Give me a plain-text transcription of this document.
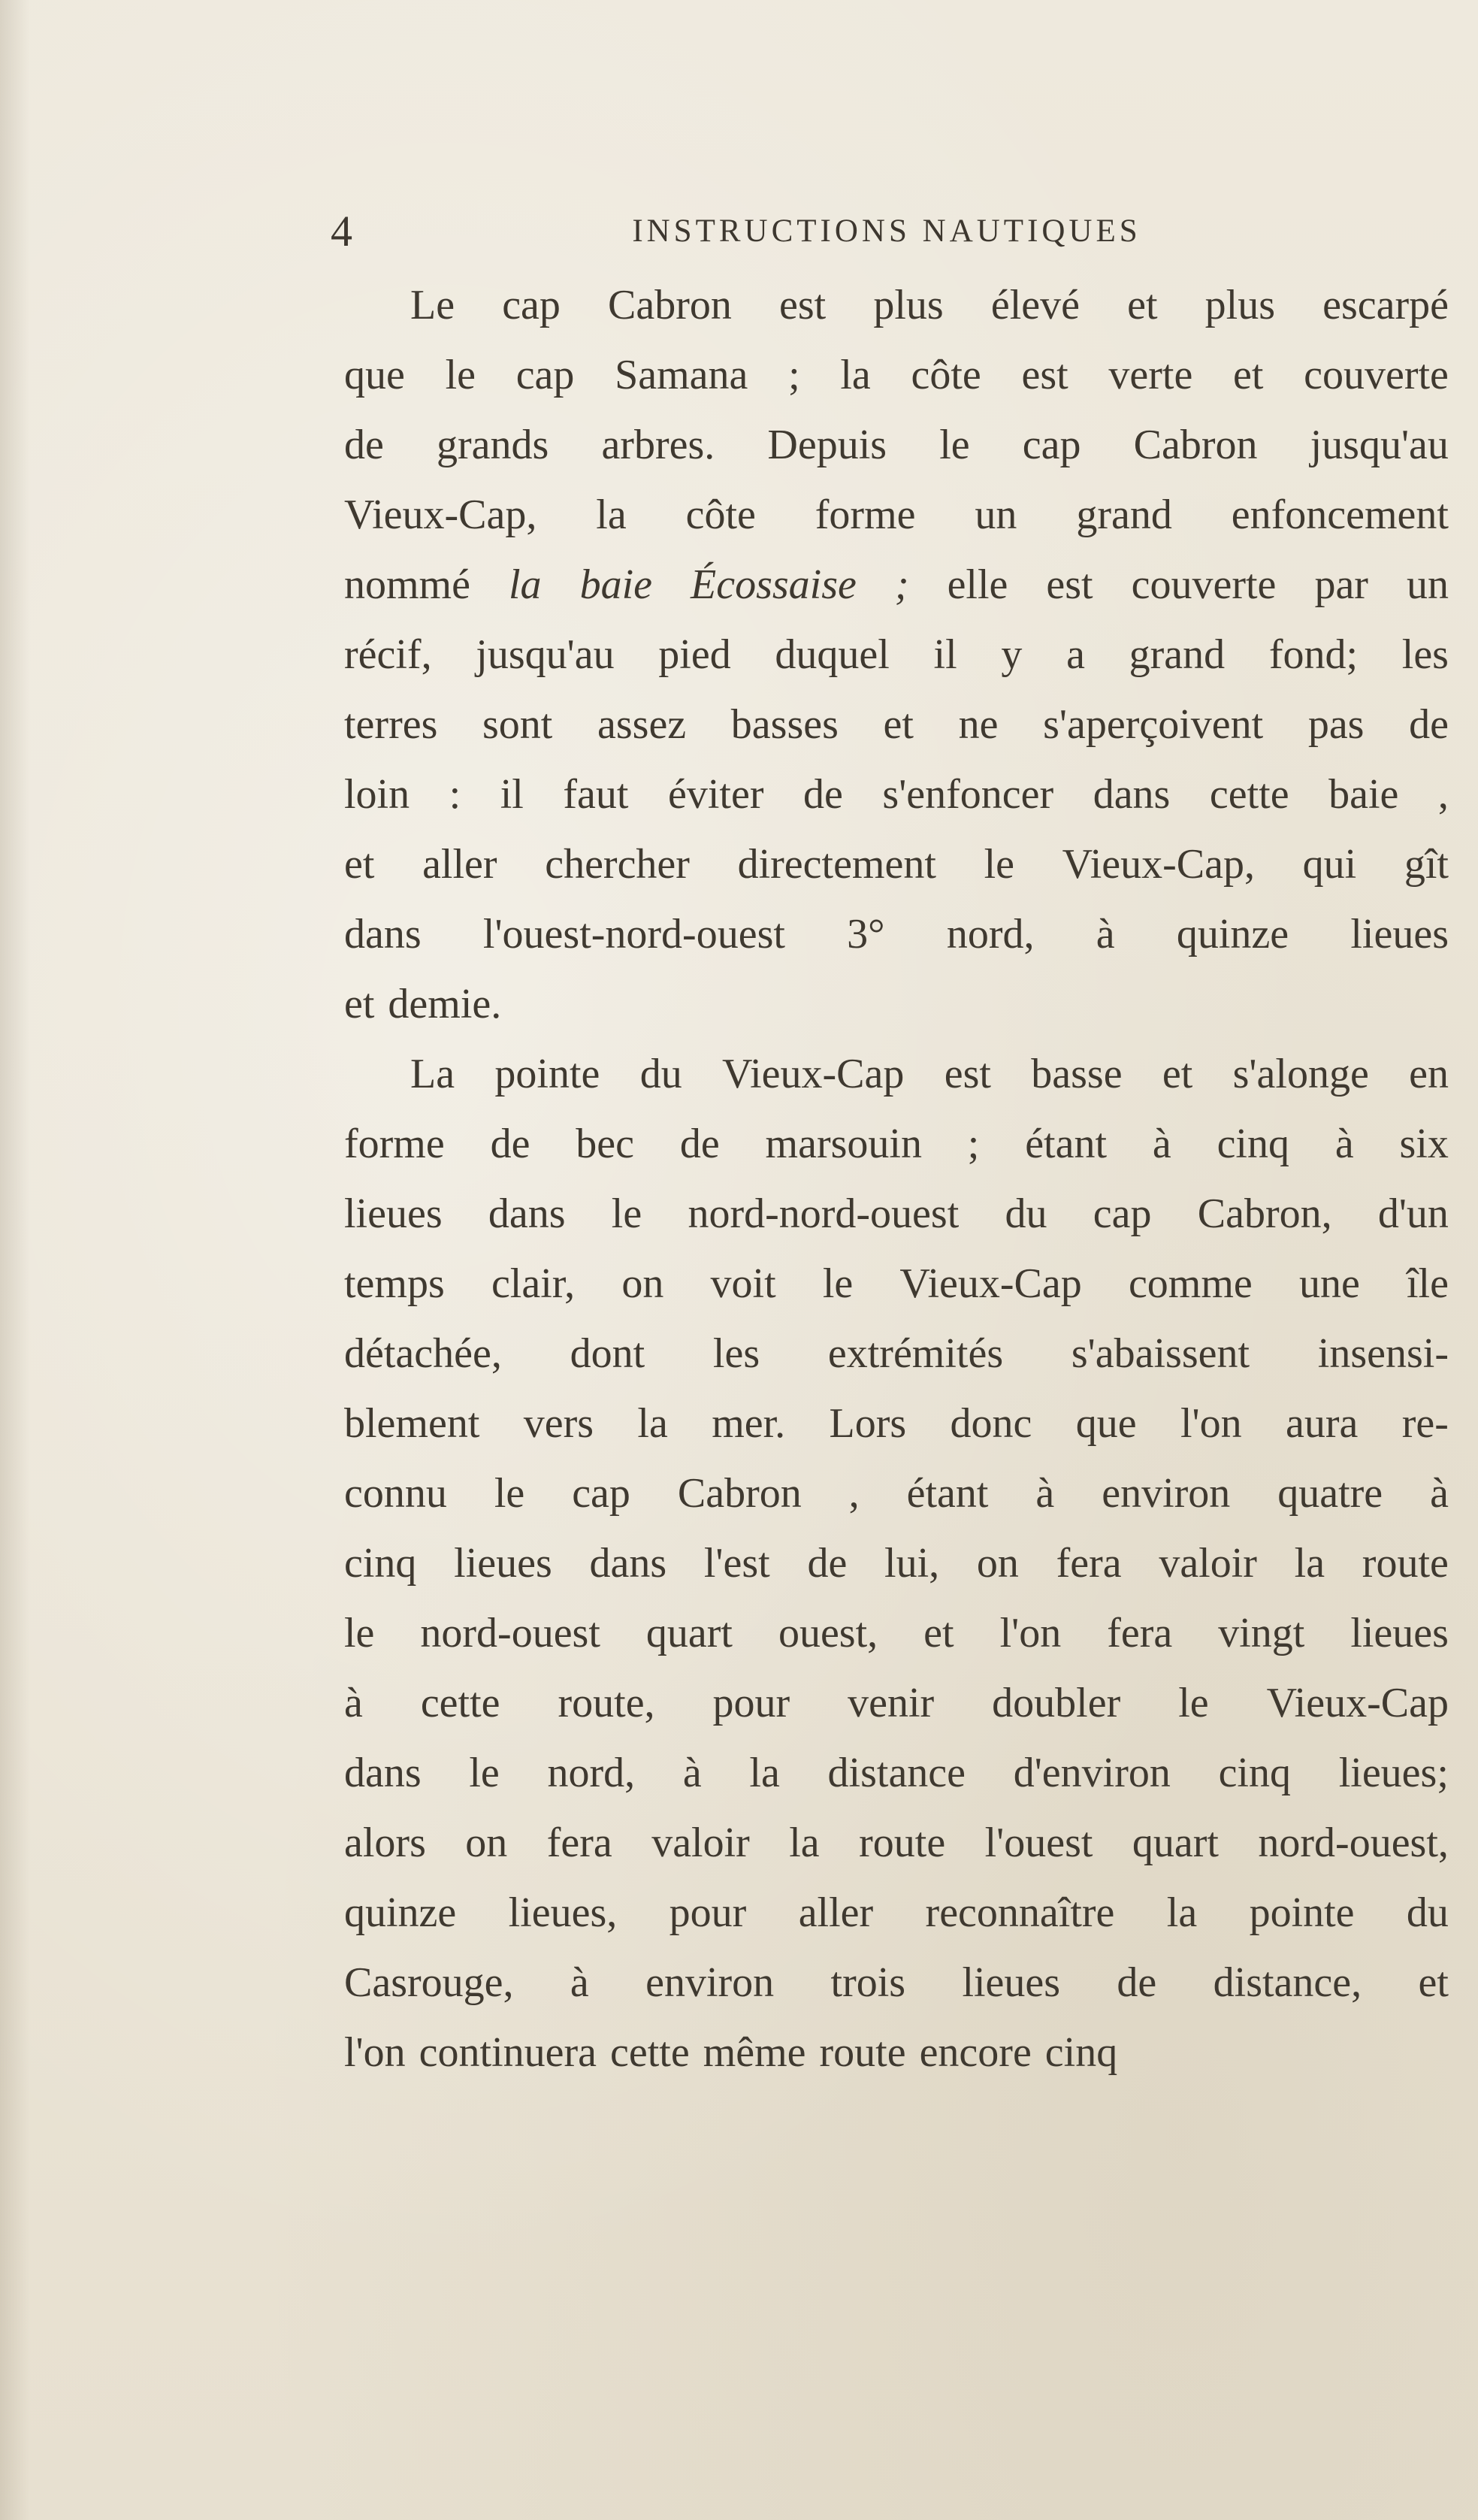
4	INSTRUCTIONS NAUTIQUES
Le cap Cabron est plus élevé et plus escarpé
que le cap Samana ; la côte est verte et couverte
de grands arbres. Depuis le cap Cabron jusqu'au
Vieux-Cap, la côte forme un grand enfoncement
nommé la baie Écossaise ; elle est couverte par un
récif, jusqu'au pied duquel il y a grand fond; les
terres sont assez basses et ne s'aperçoivent pas de
loin : il faut éviter de s'enfoncer dans cette baie ,
et aller chercher directement le Vieux-Cap, qui gît
dans l'ouest-nord-ouest 3° nord, à quinze lieues
et demie.
La pointe du Vieux-Cap est basse et s'alonge en
forme de bec de marsouin ; étant à cinq à six
lieues dans le nord-nord-ouest du cap Cabron, d'un
temps clair, on voit le Vieux-Cap comme une île
détachée, dont les extrémités s'abaissent insensi-
blement vers la mer. Lors donc que l'on aura re-
connu le cap Cabron , étant à environ quatre à
cinq lieues dans l'est de lui, on fera valoir la route
le nord-ouest quart ouest, et l'on fera vingt lieues
à cette route, pour venir doubler le Vieux-Cap
dans le nord, à la distance d'environ cinq lieues;
alors on fera valoir la route l'ouest quart nord-ouest,
quinze lieues, pour aller reconnaître la pointe du
Casrouge, à environ trois lieues de distance, et
l'on continuera cette même route encore cinq
